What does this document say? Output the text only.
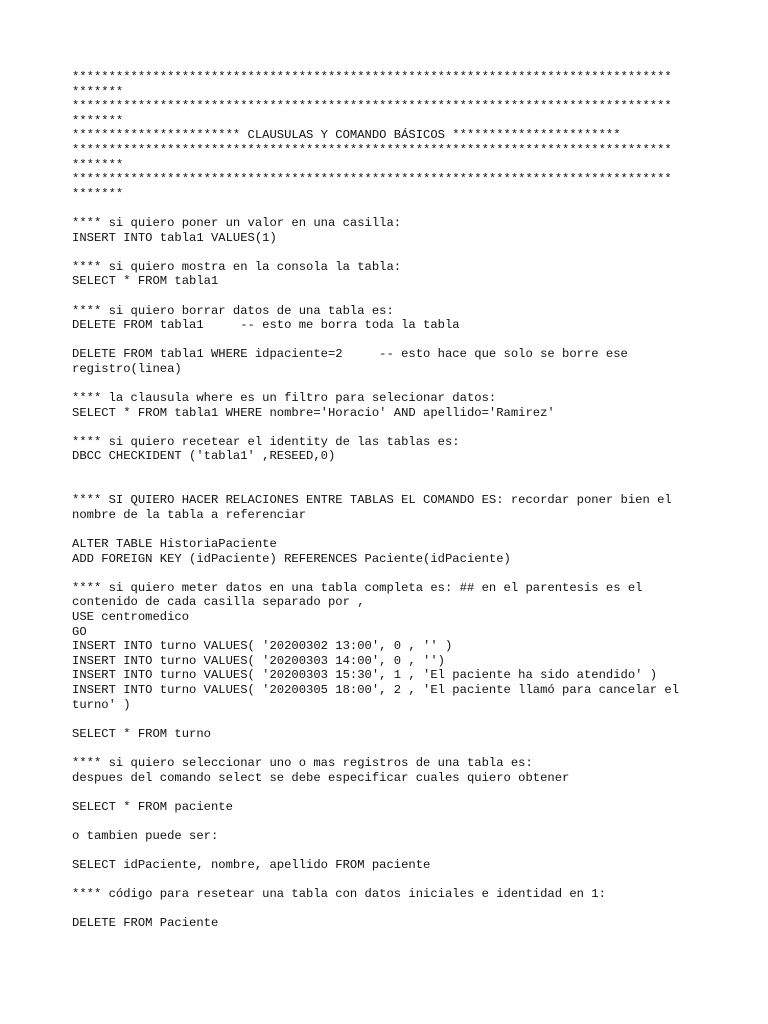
**********************************************************************************
*******
**********************************************************************************
*******
*********************** CLAUSULAS Y COMANDO BÁSICOS ***********************
**********************************************************************************
*******
**********************************************************************************
*******
**** si quiero poner un valor en una casilla:
INSERT INTO tabla1 VALUES(1)
**** si quiero mostra en la consola la tabla:
SELECT * FROM tabla1
**** si quiero borrar datos de una tabla es:
DELETE FROM tabla1     -- esto me borra toda la tabla
DELETE FROM tabla1 WHERE idpaciente=2     -- esto hace que solo se borre ese
registro(linea)
**** la clausula where es un filtro para selecionar datos:
SELECT * FROM tabla1 WHERE nombre='Horacio' AND apellido='Ramirez'
**** si quiero recetear el identity de las tablas es:
DBCC CHECKIDENT ('tabla1' ,RESEED,0)
**** SI QUIERO HACER RELACIONES ENTRE TABLAS EL COMANDO ES: recordar poner bien el
nombre de la tabla a referenciar
ALTER TABLE HistoriaPaciente
ADD FOREIGN KEY (idPaciente) REFERENCES Paciente(idPaciente)
**** si quiero meter datos en una tabla completa es: ## en el parentesis es el
contenido de cada casilla separado por ,
USE centromedico
GO
INSERT INTO turno VALUES( '20200302 13:00', 0 , '' )
INSERT INTO turno VALUES( '20200303 14:00', 0 , '')
INSERT INTO turno VALUES( '20200303 15:30', 1 , 'El paciente ha sido atendido' )
INSERT INTO turno VALUES( '20200305 18:00', 2 , 'El paciente llamó para cancelar el
turno' )
SELECT * FROM turno
**** si quiero seleccionar uno o mas registros de una tabla es:
despues del comando select se debe especificar cuales quiero obtener
SELECT * FROM paciente
o tambien puede ser:
SELECT idPaciente, nombre, apellido FROM paciente
**** código para resetear una tabla con datos iniciales e identidad en 1:
DELETE FROM Paciente
